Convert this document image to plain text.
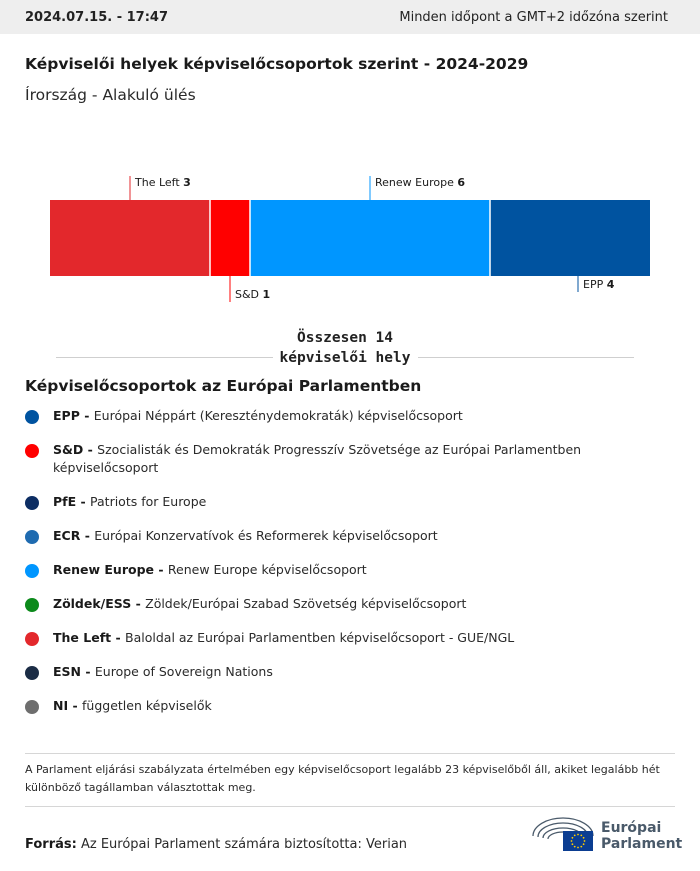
2024.07.15. - 17:47	Minden időpont a GMT+2 időzóna szerint
Képviselői helyek képviselőcsoportok szerint - 2024-2029
Írország - Alakuló ülés
The Left 3
S&D 1
Renew Europe 6
EPP 4
Összesen 14 képviselői hely
Képviselőcsoportok az Európai Parlamentben
EPP - Európai Néppárt (Kereszténydemokraták) képviselőcsoport
S&D - Szocialisták és Demokraták Progresszív Szövetsége az Európai Parlamentben képviselőcsoport
PfE - Patriots for Europe
ECR - Európai Konzervatívok és Reformerek képviselőcsoport
Renew Europe - Renew Europe képviselőcsoport
Zöldek/ESS - Zöldek/Európai Szabad Szövetség képviselőcsoport
The Left - Baloldal az Európai Parlamentben képviselőcsoport - GUE/NGL
ESN - Europe of Sovereign Nations
NI - független képviselők
A Parlament eljárási szabályzata értelmében egy képviselőcsoport legalább 23 képviselőből áll, akiket legalább hét különböző tagállamban választottak meg.
Forrás: Az Európai Parlament számára biztosította: Verian
Európai
Parlament
